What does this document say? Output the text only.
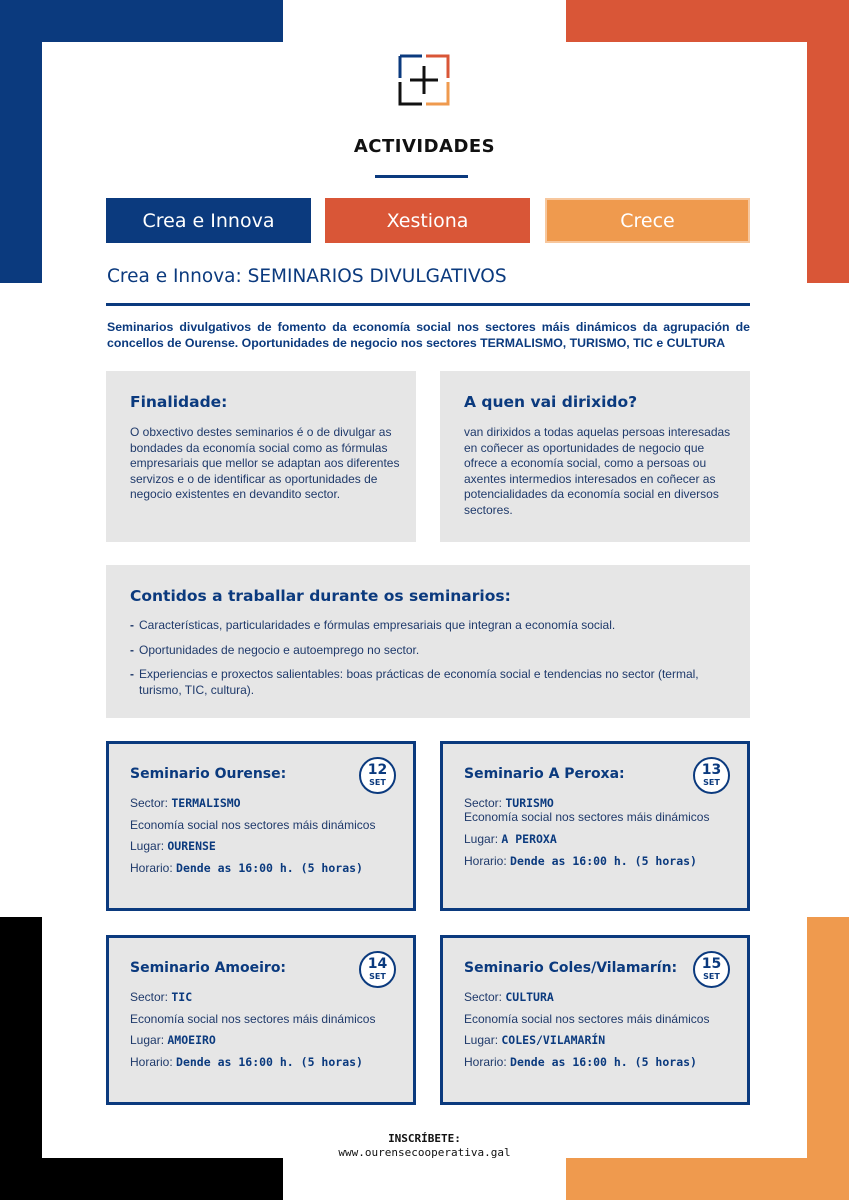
ACTIVIDADES
Crea e Innova	Xestiona	Crece
Crea e Innova: SEMINARIOS DIVULGATIVOS

Seminarios divulgativos de fomento da economía social nos sectores máis dinámicos da agrupación de concellos de Ourense. Oportunidades de negocio nos sectores TERMALISMO, TURISMO, TIC e CULTURA

Finalidade:

O obxectivo destes seminarios é o de divulgar as bondades da economía social como as fórmulas empresariais que mellor se adaptan aos diferentes servizos e o de identificar as oportunidades de negocio existentes en devandito sector.

A quen vai dirixido?

van dirixidos a todas aquelas persoas interesadas en coñecer as oportunidades de negocio que ofrece a economía social, como a persoas ou axentes intermedios interesados en coñecer as potencialidades da economía social en diversos sectores.

Contidos a traballar durante os seminarios:
- Características, particularidades e fórmulas empresariais que integran a economía social.
- Oportunidades de negocio e autoemprego no sector.
- Experiencias e proxectos salientables: boas prácticas de economía social e tendencias no sector (termal, turismo, TIC, cultura).
Seminario Ourense:	12
SET
Sector: TERMALISMO
Economía social nos sectores máis dinámicos
Lugar: OURENSE
Horario: Dende as 16:00 h. (5 horas)
Seminario A Peroxa:	13
SET
Sector: TURISMO
Economía social nos sectores máis dinámicos
Lugar: A PEROXA
Horario: Dende as 16:00 h. (5 horas)
Seminario Amoeiro:	14
SET
Sector: TIC
Economía social nos sectores máis dinámicos
Lugar: AMOEIRO
Horario: Dende as 16:00 h. (5 horas)
Seminario Coles/Vilamarín:	15
SET
Sector: CULTURA
Economía social nos sectores máis dinámicos
Lugar: COLES/VILAMARÍN
Horario: Dende as 16:00 h. (5 horas)
INSCRÍBETE:
www.ourensecooperativa.gal
